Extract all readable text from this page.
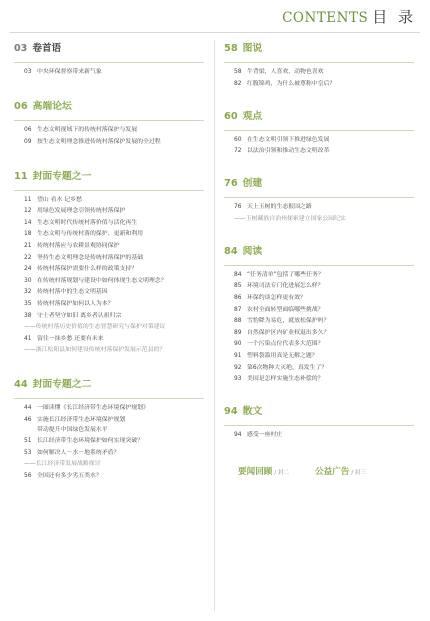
CONTENTS 目 录
03 卷首语
03 中央环保督察带来新气象
06 高端论坛
06 生态文明视域下的传统村落保护与发展
09 按生态文明理念推进传统村落保护发展的全过程
11 封面专题之一
11 望山 看水 记乡愁
12 用绿色发展理念引领传统村落保护
14 生态文明时代传统村落价值与活化再生
18 生态文明与传统村落的保护、更新和利用
21 传统村落应与农耕景观协同保护
22 坚持生态文明理念是传统村落保护的基础
24 传统村落保护需要什么样的政策支持？
30 在传统村落规划与建设中如何体现生态文明理念？
32 传统村落中的生态文明基因
35 传统村落保护如何以人为本？
38 守士者坚守如旧 离乡者认祖归宗
——传统村落历史价值的生态智慧研究与保护对策建议
41 留住一抹乡愁 还要有未来
——浙江松阳县如何建设传统村落保护发展示范县的？
44 封面专题之二
44 一图读懂《长江经济带生态环境保护规划》
46 实施长江经济带生态环境保护规划
带动提升中国绿色发展水平
51 长江经济带生态环境保护如何实现突破？
53 如何解决人－水－地系统矛盾？
——长江经济带发展战略探讨
56 全国还有多少劣五类水？
58 图说
58 牛背梁，人喜欢，动物也喜欢
82 红腹锦鸡，为什么被尊称中皇后？
60 观点
60 在生态文明引领下推进绿色发展
72 以法治引领和推动生态文明改革
76 创建
76 天上玉树的生态报国之路
——玉树藏族自治州探索建立国家公园纪实
84 阅读
84 “任务清单”包括了哪些任务？
85 环境司法专门化进展怎么样？
86 环保约谈怎样更有效？
87 农村全面转型面临哪些挑战？
88 雪豹降为易危，就放松保护吗？
89 自然保护区内矿业权退出多久？
90 一个污染点位代表多大范围？
91 塑料袋滥用真是无解之题？
92 第6次物种大灭绝，真发生了？
93 美国是怎样实施生态补偿的？
94 散文
94 感受一座村庄
要闻回顾 / 封二	公益广告 / 封三
